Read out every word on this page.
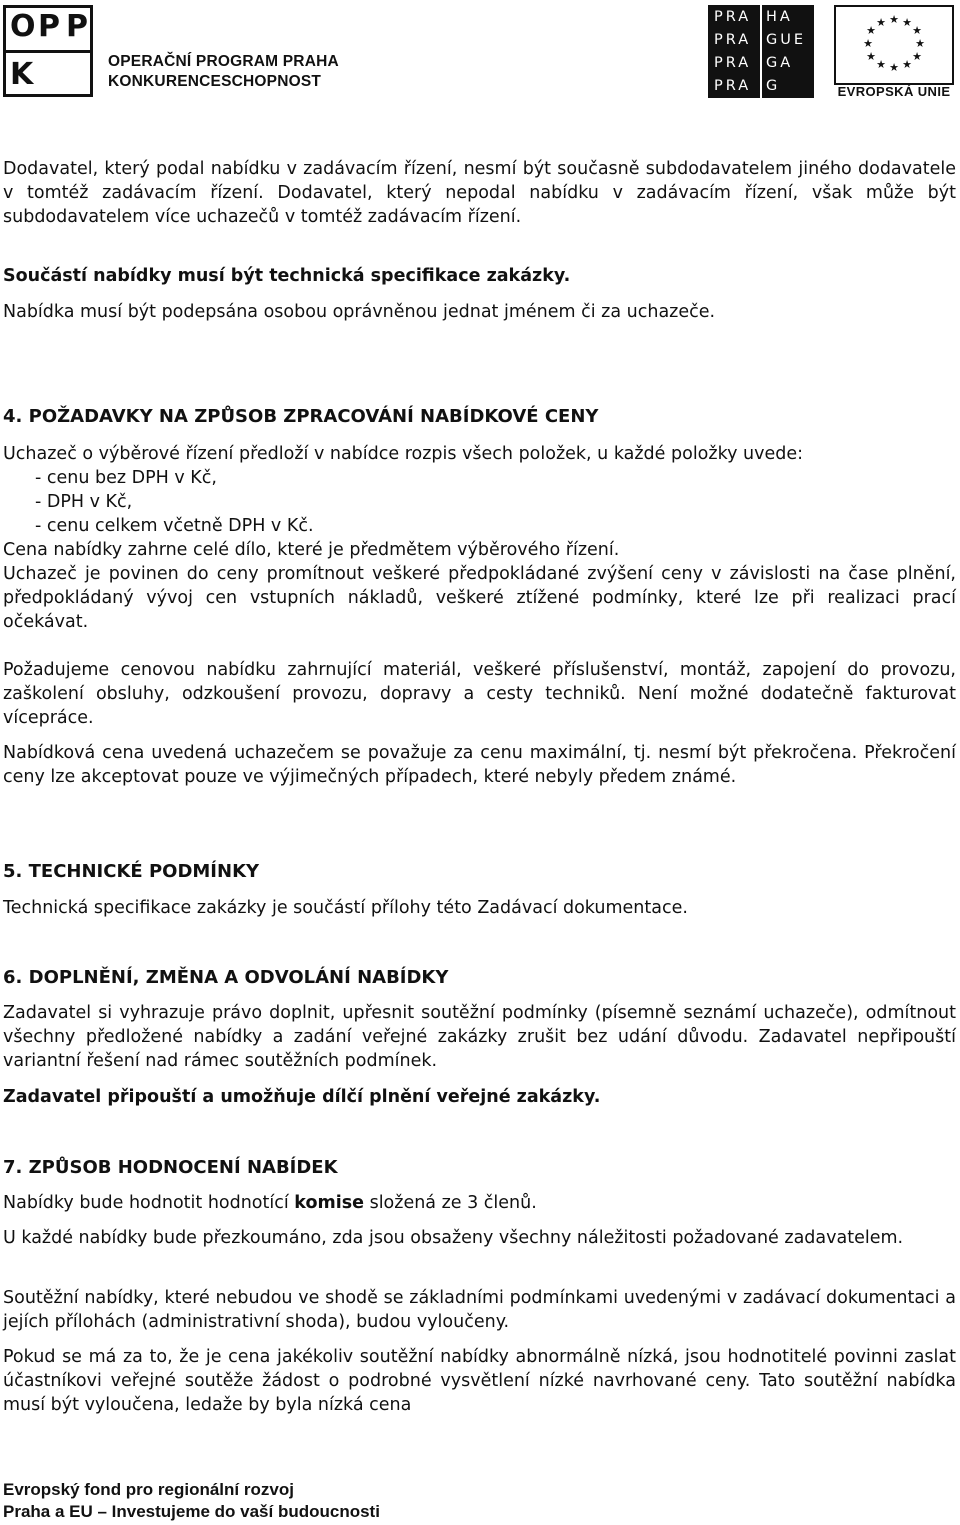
O P P
K	OPERAČNÍ PROGRAM PRAHA
KONKURENCESCHOPNOST
PRA
PRA
PRA
PRA
HA
GUE
GA
G
★ ★
★
★
★
★
★
★
★
★
★
★
EVROPSKÁ UNIE
Dodavatel, který podal nabídku v zadávacím řízení, nesmí být současně subdodavatelem jiného dodavatele v tomtéž zadávacím řízení. Dodavatel, který nepodal nabídku v zadávacím řízení, však může být subdodavatelem více uchazečů v tomtéž zadávacím řízení.
Součástí nabídky musí být technická specifikace zakázky.
Nabídka musí být podepsána osobou oprávněnou jednat jménem či za uchazeče.
4. POŽADAVKY NA ZPŮSOB ZPRACOVÁNÍ NABÍDKOVÉ CENY
Uchazeč o výběrové řízení předloží v nabídce rozpis všech položek, u každé položky uvede:
- cenu bez DPH v Kč,
- DPH v Kč,
- cenu celkem včetně DPH v Kč.
Cena nabídky zahrne celé dílo, které je předmětem výběrového řízení.
Uchazeč je povinen do ceny promítnout veškeré předpokládané zvýšení ceny v závislosti na čase plnění, předpokládaný vývoj cen vstupních nákladů, veškeré ztížené podmínky, které lze při realizaci prací očekávat.
Požadujeme cenovou nabídku zahrnující materiál, veškeré příslušenství, montáž, zapojení do provozu, zaškolení obsluhy, odzkoušení provozu, dopravy a cesty techniků. Není možné dodatečně fakturovat vícepráce.
Nabídková cena uvedená uchazečem se považuje za cenu maximální, tj. nesmí být překročena. Překročení ceny lze akceptovat pouze ve výjimečných případech, které nebyly předem známé.
5. TECHNICKÉ PODMÍNKY
Technická specifikace zakázky je součástí přílohy této Zadávací dokumentace.
6. DOPLNĚNÍ, ZMĚNA A ODVOLÁNÍ NABÍDKY
Zadavatel si vyhrazuje právo doplnit, upřesnit soutěžní podmínky (písemně seznámí uchazeče), odmítnout všechny předložené nabídky a zadání veřejné zakázky zrušit bez udání důvodu. Zadavatel nepřipouští variantní řešení nad rámec soutěžních podmínek.
Zadavatel připouští a umožňuje dílčí plnění veřejné zakázky.
7. ZPŮSOB HODNOCENÍ NABÍDEK
Nabídky bude hodnotit hodnotící komise složená ze 3 členů.
U každé nabídky bude přezkoumáno, zda jsou obsaženy všechny náležitosti požadované zadavatelem.
Soutěžní nabídky, které nebudou ve shodě se základními podmínkami uvedenými v zadávací dokumentaci a jejích přílohách (administrativní shoda), budou vyloučeny.
Pokud se má za to, že je cena jakékoliv soutěžní nabídky abnormálně nízká, jsou hodnotitelé povinni zaslat účastníkovi veřejné soutěže žádost o podrobné vysvětlení nízké navrhované ceny. Tato soutěžní nabídka musí být vyloučena, ledaže by byla nízká cena
Evropský fond pro regionální rozvoj
Praha a EU – Investujeme do vaší budoucnosti
